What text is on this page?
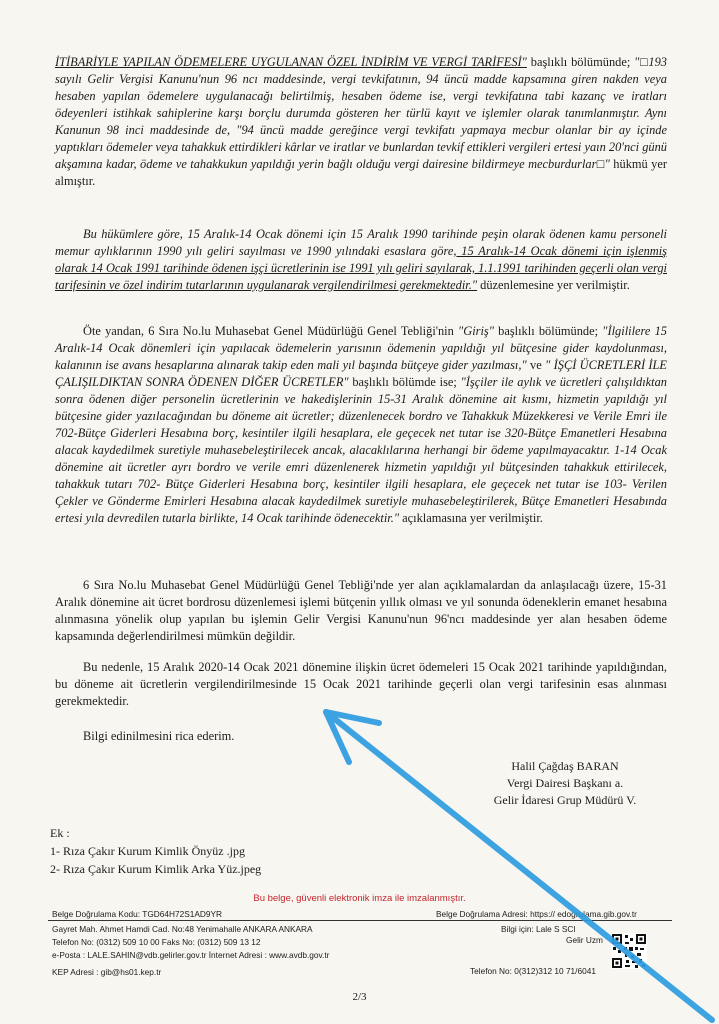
İTİBARİYLE YAPILAN ÖDEMELERE UYGULANAN ÖZEL İNDİRİM VE VERGİ TARİFESİ" başlıklı bölümünde; "□193 sayılı Gelir Vergisi Kanunu'nun 96 ncı maddesinde, vergi tevkifatının, 94 üncü madde kapsamına giren nakden veya hesaben yapılan ödemelere uygulanacağı belirtilmiş, hesaben ödeme ise, vergi tevkifatına tabi kazanç ve iratları ödeyenleri istihkak sahiplerine karşı borçlu durumda gösteren her türlü kayıt ve işlemler olarak tanımlanmıştır. Aynı Kanunun 98 inci maddesinde de, "94 üncü madde gereğince vergi tevkifatı yapmaya mecbur olanlar bir ay içinde yaptıkları ödemeler veya tahakkuk ettirdikleri kârlar ve iratlar ve bunlardan tevkif ettikleri vergileri ertesi yaın 20'nci günü akşamına kadar, ödeme ve tahakkukun yapıldığı yerin bağlı olduğu vergi dairesine bildirmeye mecburdurlar□" hükmü yer almıştır.

Bu hükümlere göre, 15 Aralık-14 Ocak dönemi için 15 Aralık 1990 tarihinde peşin olarak ödenen kamu personeli memur aylıklarının 1990 yılı geliri sayılması ve 1990 yılındaki esaslara göre, 15 Aralık-14 Ocak dönemi için işlenmiş olarak 14 Ocak 1991 tarihinde ödenen işçi ücretlerinin ise 1991 yılı geliri sayılarak, 1.1.1991 tarihinden geçerli olan vergi tarifesinin ve özel indirim tutarlarının uygulanarak vergilendirilmesi gerekmektedir." düzenlemesine yer verilmiştir.

Öte yandan, 6 Sıra No.lu Muhasebat Genel Müdürlüğü Genel Tebliği'nin "Giriş" başlıklı bölümünde; "İlgililere 15 Aralık-14 Ocak dönemleri için yapılacak ödemelerin yarısının ödemenin yapıldığı yıl bütçesine gider kaydolunması, kalanının ise avans hesaplarına alınarak takip eden mali yıl başında bütçeye gider yazılması," ve " İŞÇİ ÜCRETLERİ İLE ÇALIŞILDIKTAN SONRA ÖDENEN DİĞER ÜCRETLER" başlıklı bölümde ise; "İşçiler ile aylık ve ücretleri çalışıldıktan sonra ödenen diğer personelin ücretlerinin ve hakedişlerinin 15-31 Aralık dönemine ait kısmı, hizmetin yapıldığı yıl bütçesine gider yazılacağından bu döneme ait ücretler; düzenlenecek bordro ve Tahakkuk Müzekkeresi ve Verile Emri ile 702-Bütçe Giderleri Hesabına borç, kesintiler ilgili hesaplara, ele geçecek net tutar ise 320-Bütçe Emanetleri Hesabına alacak kaydedilmek suretiyle muhasebeleştirilecek ancak, alacaklılarına herhangi bir ödeme yapılmayacaktır. 1-14 Ocak dönemine ait ücretler ayrı bordro ve verile emri düzenlenerek hizmetin yapıldığı yıl bütçesinden tahakkuk ettirilecek, tahakkuk tutarı 702- Bütçe Giderleri Hesabına borç, kesintiler ilgili hesaplara, ele geçecek net tutar ise 103- Verilen Çekler ve Gönderme Emirleri Hesabına alacak kaydedilmek suretiyle muhasebeleştirilerek, Bütçe Emanetleri Hesabında ertesi yıla devredilen tutarla birlikte, 14 Ocak tarihinde ödenecektir." açıklamasına yer verilmiştir.

6 Sıra No.lu Muhasebat Genel Müdürlüğü Genel Tebliği'nde yer alan açıklamalardan da anlaşılacağı üzere, 15-31 Aralık dönemine ait ücret bordrosu düzenlemesi işlemi bütçenin yıllık olması ve yıl sonunda ödeneklerin emanet hesabına alınmasına yönelik olup yapılan bu işlemin Gelir Vergisi Kanunu'nun 96'ncı maddesinde yer alan hesaben ödeme kapsamında değerlendirilmesi mümkün değildir.

Bu nedenle, 15 Aralık 2020-14 Ocak 2021 dönemine ilişkin ücret ödemeleri 15 Ocak 2021 tarihinde yapıldığından, bu döneme ait ücretlerin vergilendirilmesinde 15 Ocak 2021 tarihinde geçerli olan vergi tarifesinin esas alınması gerekmektedir.

Bilgi edinilmesini rica ederim.

Halil Çağdaş BARAN
Vergi Dairesi Başkanı a.
Gelir İdaresi Grup Müdürü V.
Ek :
1- Rıza Çakır Kurum Kimlik Önyüz .jpg
2- Rıza Çakır Kurum Kimlik Arka Yüz.jpeg
Bu belge, güvenli elektronik imza ile imzalanmıştır.
Belge Doğrulama Kodu: TGD64H72S1AD9YR	Belge Doğrulama Adresi: https:// edogrulama.gib.gov.tr
Gayret Mah. Ahmet Hamdi Cad. No:48 Yenimahalle ANKARA ANKARA
Telefon No: (0312) 509 10 00 Faks No: (0312) 509 13 12
e-Posta : LALE.SAHIN@vdb.gelirler.gov.tr İnternet Adresi : www.avdb.gov.tr
KEP Adresi : gib@hs01.kep.tr
Bilgi için: Lale S SCI
Gelir Uzm
Telefon No: 0(312)312 10 71/6041
2/3
